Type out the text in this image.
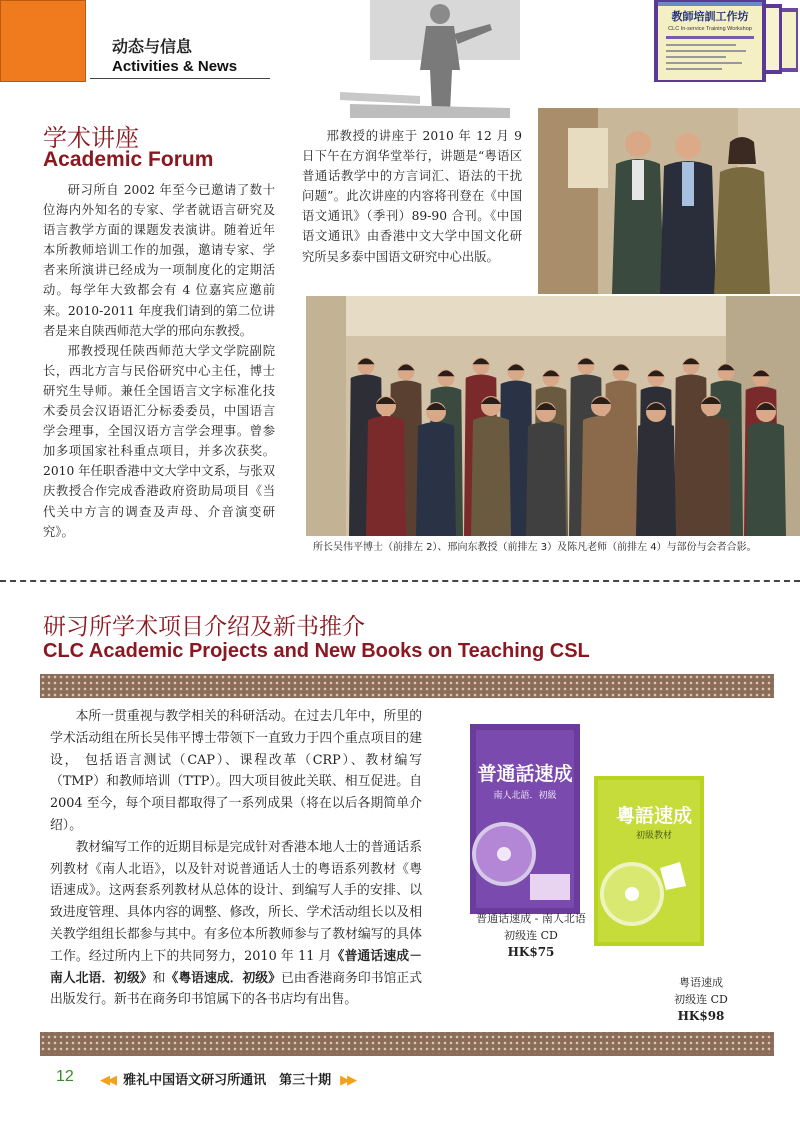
动态与信息
Activities & News
教師培訓工作坊
CLC In-service Training Workshop
学术讲座
Academic Forum

研习所自 2002 年至今已邀请了数十位海内外知名的专家、学者就语言研究及语言教学方面的课题发表演讲。随着近年本所教师培训工作的加强，邀请专家、学者来所演讲已经成为一项制度化的定期活动。每学年大致都会有 4 位嘉宾应邀前来。2010-2011 年度我们请到的第二位讲者是来自陕西师范大学的邢向东教授。

邢教授现任陕西师范大学文学院副院长，西北方言与民俗研究中心主任，博士研究生导师。兼任全国语言文字标准化技术委员会汉语语汇分标委委员，中国语言学会理事，全国汉语方言学会理事。曾参加多项国家社科重点项目，并多次获奖。2010 年任职香港中文大学中文系，与张双庆教授合作完成香港政府资助局项目《当代关中方言的调查及声母、介音演变研究》。

邢教授的讲座于 2010 年 12 月 9 日下午在方润华堂举行，讲题是“粤语区普通话教学中的方言词汇、语法的干扰问题”。此次讲座的内容将刊登在《中国语文通讯》（季刊）89-90 合刊。《中国语文通讯》由香港中文大学中国文化研究所吴多泰中国语文研究中心出版。

所长吴伟平博士（前排左 2）、邢向东教授（前排左 3）及陈凡老师（前排左 4）与部份与会者合影。
研习所学术项目介绍及新书推介
CLC Academic Projects and New Books on Teaching CSL

本所一贯重视与教学相关的科研活动。在过去几年中，所里的学术活动组在所长吴伟平博士带领下一直致力于四个重点项目的建设， 包括语言测试（CAP）、课程改革（CRP）、教材编写（TMP）和教师培训（TTP）。四大项目彼此关联、相互促进。自 2004 至今，每个项目都取得了一系列成果（将在以后各期简单介绍）。

教材编写工作的近期目标是完成针对香港本地人士的普通话系列教材《南人北语》，以及针对说普通话人士的粤语系列教材《粤语速成》。这两套系列教材从总体的设计、到编写人手的安排、以致进度管理、具体内容的调整、修改，所长、学术活动组长以及相关教学组组长都参与其中。有多位本所教师参与了教材编写的具体工作。经过所内上下的共同努力，2010 年 11 月《普通话速成－南人北语．初级》和《粤语速成．初级》已由香港商务印书馆正式出版发行。新书在商务印书馆属下的各书店均有出售。

普通話速成
南人北語．初級
粵語速成
初級教材
普通话速成 - 南人北语
初级连 CD
HK$75
粤语速成
初级连 CD
HK$98
12 ◀◀ 雅礼中国语文研习所通讯　第三十期 ▶▶
